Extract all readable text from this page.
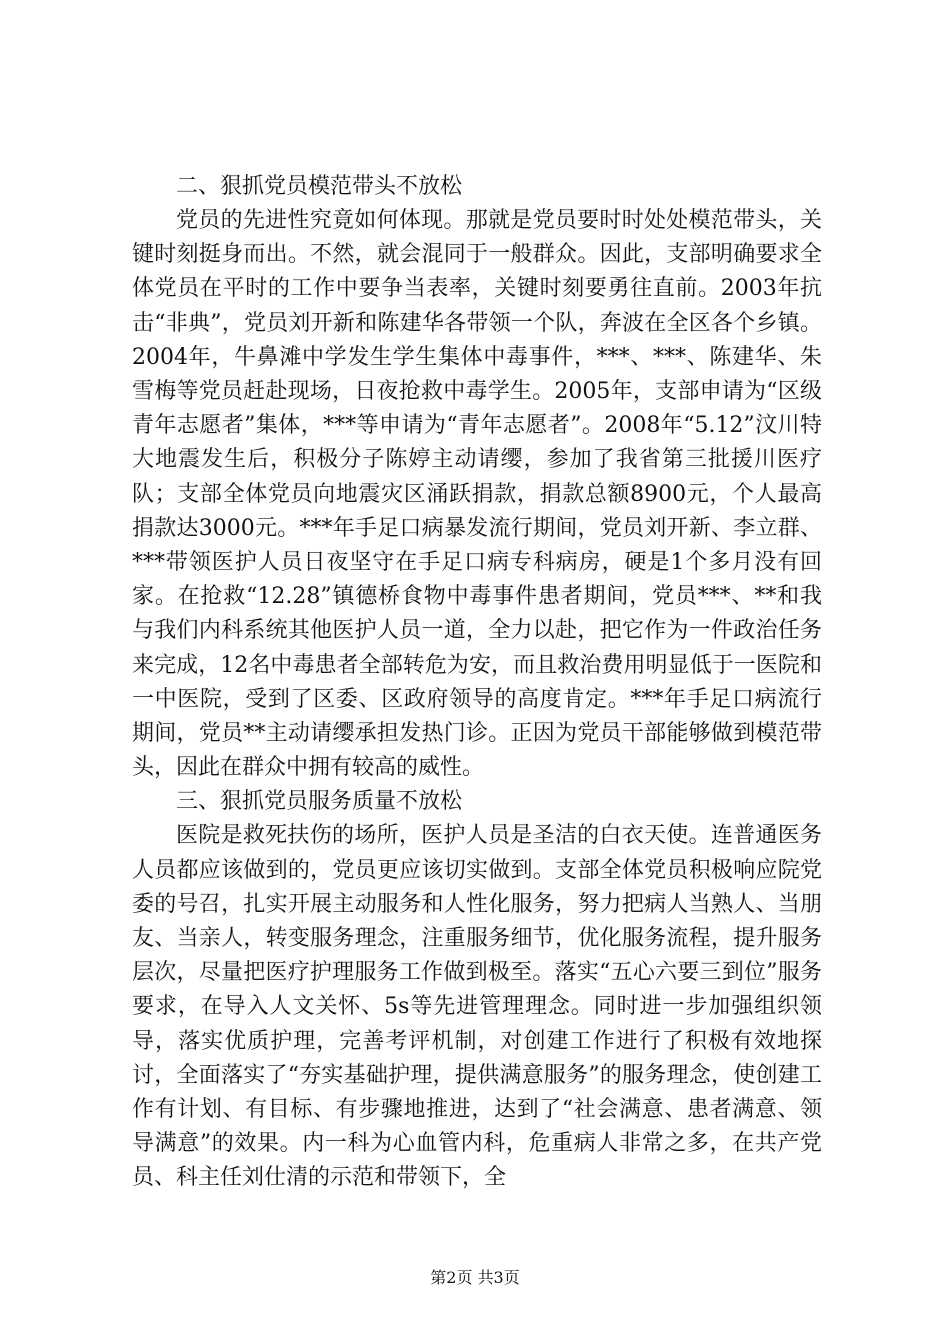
二、狠抓党员模范带头不放松

党员的先进性究竟如何体现。那就是党员要时时处处模范带头，关键时刻挺身而出。不然，就会混同于一般群众。因此，支部明确要求全体党员在平时的工作中要争当表率，关键时刻要勇往直前。2003年抗击“非典”，党员刘开新和陈建华各带领一个队，奔波在全区各个乡镇。2004年，牛鼻滩中学发生学生集体中毒事件，***、***、陈建华、朱雪梅等党员赶赴现场，日夜抢救中毒学生。2005年，支部申请为“区级青年志愿者”集体，***等申请为“青年志愿者”。2008年“5.12”汶川特大地震发生后，积极分子陈婷主动请缨，参加了我省第三批援川医疗队；支部全体党员向地震灾区涌跃捐款，捐款总额8900元，个人最高捐款达3000元。***年手足口病暴发流行期间，党员刘开新、李立群、***带领医护人员日夜坚守在手足口病专科病房，硬是1个多月没有回家。在抢救“12.28”镇德桥食物中毒事件患者期间，党员***、**和我与我们内科系统其他医护人员一道，全力以赴，把它作为一件政治任务来完成，12名中毒患者全部转危为安，而且救治费用明显低于一医院和一中医院，受到了区委、区政府领导的高度肯定。***年手足口病流行期间，党员**主动请缨承担发热门诊。正因为党员干部能够做到模范带头，因此在群众中拥有较高的威性。

三、狠抓党员服务质量不放松

医院是救死扶伤的场所，医护人员是圣洁的白衣天使。连普通医务人员都应该做到的，党员更应该切实做到。支部全体党员积极响应院党委的号召，扎实开展主动服务和人性化服务，努力把病人当熟人、当朋友、当亲人，转变服务理念，注重服务细节，优化服务流程，提升服务层次，尽量把医疗护理服务工作做到极至。落实“五心六要三到位”服务要求，在导入人文关怀、5s等先进管理理念。同时进一步加强组织领导，落实优质护理，完善考评机制，对创建工作进行了积极有效地探讨，全面落实了“夯实基础护理，提供满意服务”的服务理念，使创建工作有计划、有目标、有步骤地推进，达到了“社会满意、患者满意、领导满意”的效果。内一科为心血管内科，危重病人非常之多，在共产党员、科主任刘仕清的示范和带领下，全

第2页 共3页
